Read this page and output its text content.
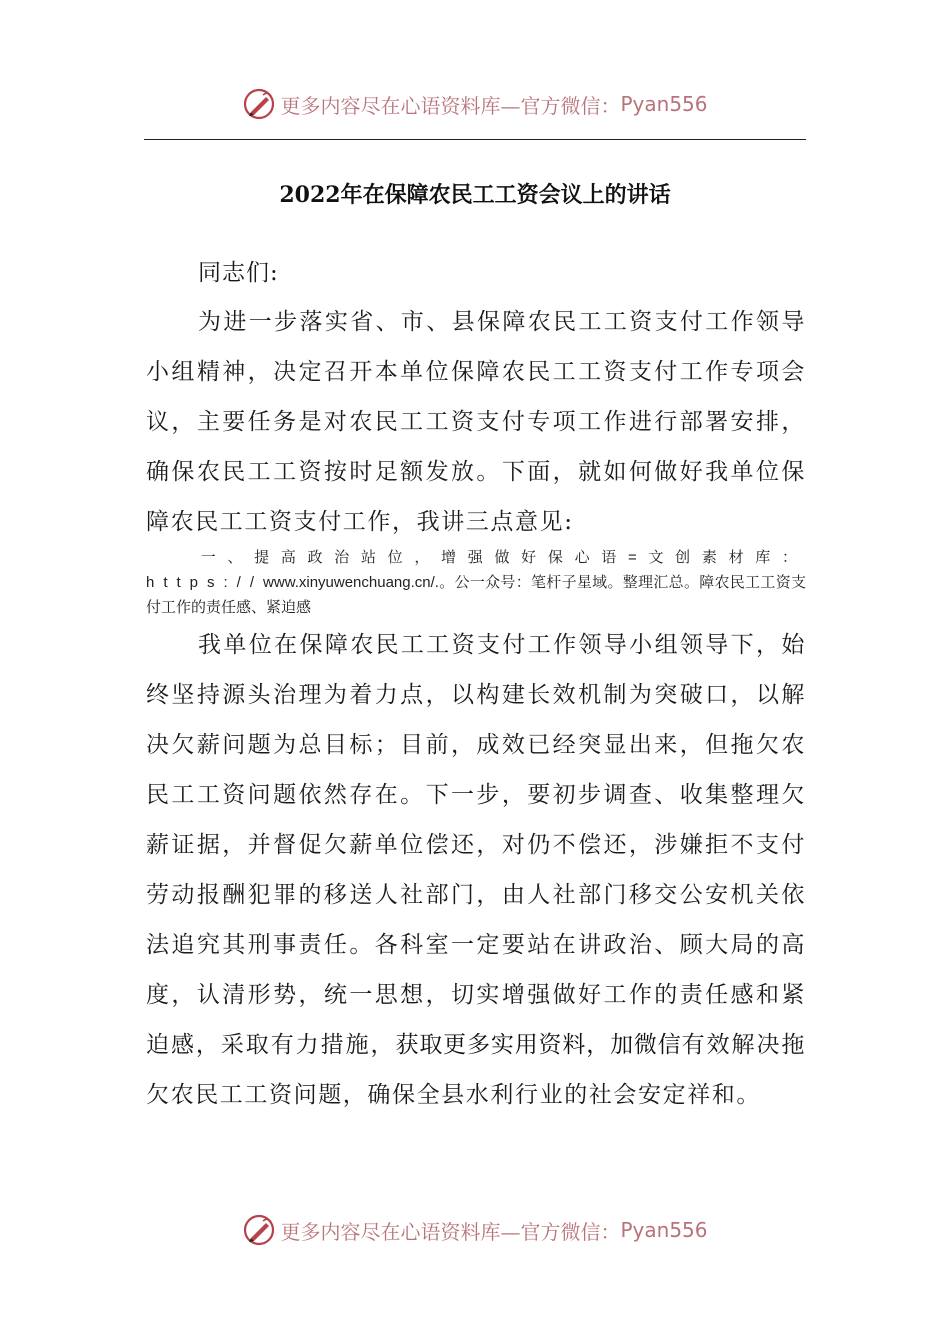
更多内容尽在心语资料库—官方微信： Pyan556
2022年在保障农民工工资会议上的讲话
同志们:

为进一步落实省、市、县保障农民工工资支付工作领导小组精神，决定召开本单位保障农民工工资支付工作专项会议，主要任务是对农民工工资支付专项工作进行部署安排，确保农民工工资按时足额发放。下面，就如何做好我单位保障农民工工资支付工作，我讲三点意见:

一、提高政治站位，增强做好保心语=文创素材库：https://www.xinyuwenchuang.cn/.。公一众号：笔杆子星域。整理汇总。障农民工工资支付工作的责任感、紧迫感

我单位在保障农民工工资支付工作领导小组领导下，始终坚持源头治理为着力点，以构建长效机制为突破口，以解决欠薪问题为总目标；目前，成效已经突显出来，但拖欠农民工工资问题依然存在。下一步，要初步调查、收集整理欠薪证据，并督促欠薪单位偿还，对仍不偿还，涉嫌拒不支付劳动报酬犯罪的移送人社部门，由人社部门移交公安机关依法追究其刑事责任。各科室一定要站在讲政治、顾大局的高度，认清形势，统一思想，切实增强做好工作的责任感和紧迫感，采取有力措施，获取更多实用资料，加微信有效解决拖欠农民工工资问题，确保全县水利行业的社会安定祥和。

更多内容尽在心语资料库—官方微信： Pyan556
